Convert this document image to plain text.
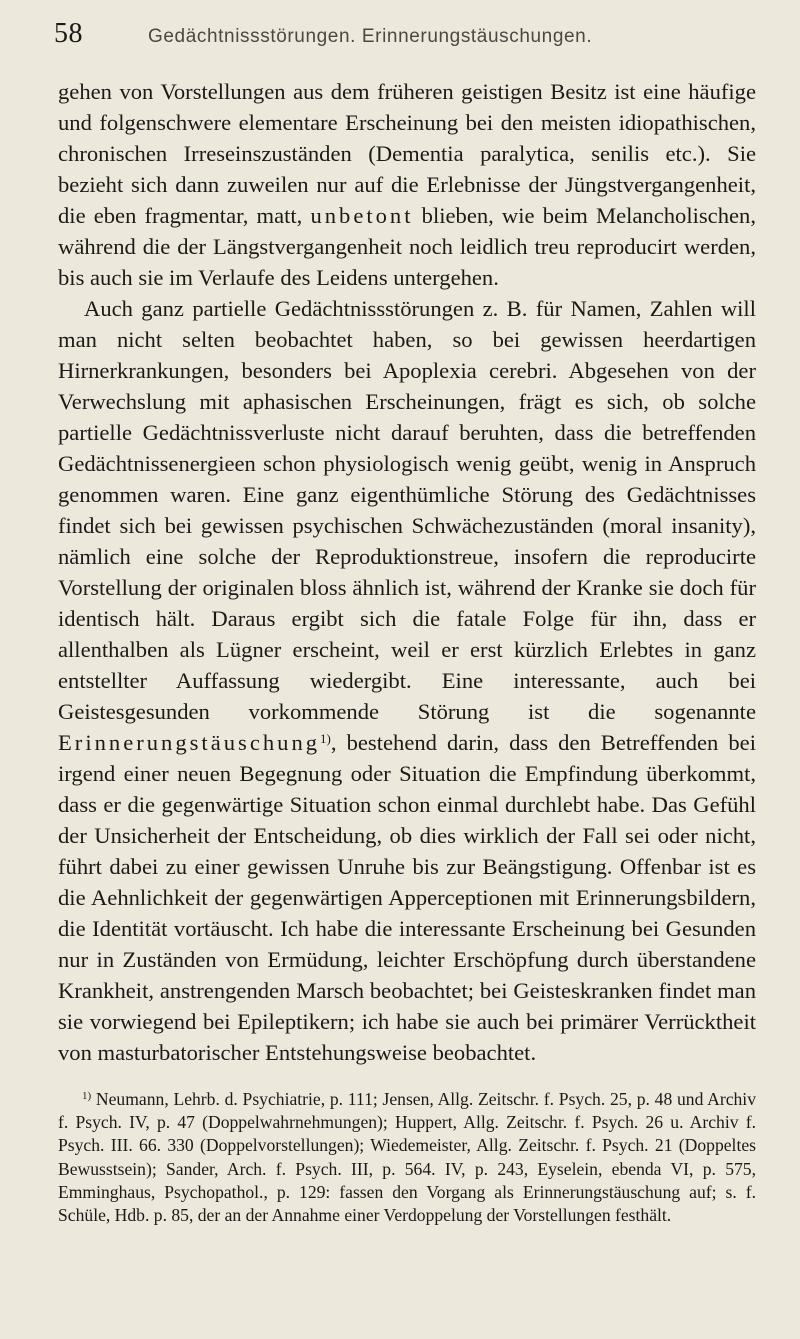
58	Gedächtnissstörungen. Erinnerungstäuschungen.

gehen von Vorstellungen aus dem früheren geistigen Besitz ist eine häufige und folgenschwere elementare Erscheinung bei den meisten idiopathischen, chronischen Irreseinszuständen (Dementia paralytica, senilis etc.). Sie bezieht sich dann zuweilen nur auf die Erlebnisse der Jüngstvergangenheit, die eben fragmentar, matt, unbetont blieben, wie beim Melancholischen, während die der Längstvergangenheit noch leidlich treu reproducirt werden, bis auch sie im Verlaufe des Leidens untergehen.

Auch ganz partielle Gedächtnissstörungen z. B. für Namen, Zahlen will man nicht selten beobachtet haben, so bei gewissen heerdartigen Hirnerkrankungen, besonders bei Apoplexia cerebri. Abgesehen von der Verwechslung mit aphasischen Erscheinungen, frägt es sich, ob solche partielle Gedächtnissverluste nicht darauf beruhten, dass die betreffenden Gedächtnissenergieen schon physiologisch wenig geübt, wenig in Anspruch genommen waren. Eine ganz eigenthümliche Störung des Gedächtnisses findet sich bei gewissen psychischen Schwächezuständen (moral insanity), nämlich eine solche der Reproduktionstreue, insofern die reproducirte Vorstellung der originalen bloss ähnlich ist, während der Kranke sie doch für identisch hält. Daraus ergibt sich die fatale Folge für ihn, dass er allenthalben als Lügner erscheint, weil er erst kürzlich Erlebtes in ganz entstellter Auffassung wiedergibt. Eine interessante, auch bei Geistesgesunden vorkommende Störung ist die sogenannte Erinnerungstäuschung$^{1)}$, bestehend darin, dass den Betreffenden bei irgend einer neuen Begegnung oder Situation die Empfindung überkommt, dass er die gegenwärtige Situation schon einmal durchlebt habe. Das Gefühl der Unsicherheit der Entscheidung, ob dies wirklich der Fall sei oder nicht, führt dabei zu einer gewissen Unruhe bis zur Beängstigung. Offenbar ist es die Aehnlichkeit der gegenwärtigen Apperceptionen mit Erinnerungsbildern, die Identität vortäuscht. Ich habe die interessante Erscheinung bei Gesunden nur in Zuständen von Ermüdung, leichter Erschöpfung durch überstandene Krankheit, anstrengenden Marsch beobachtet; bei Geisteskranken findet man sie vorwiegend bei Epileptikern; ich habe sie auch bei primärer Verrücktheit von masturbatorischer Entstehungsweise beobachtet.

$^{1)}$ Neumann, Lehrb. d. Psychiatrie, p. 111; Jensen, Allg. Zeitschr. f. Psych. 25, p. 48 und Archiv f. Psych. IV, p. 47 (Doppelwahrnehmungen); Huppert, Allg. Zeitschr. f. Psych. 26 u. Archiv f. Psych. III. 66. 330 (Doppelvorstellungen); Wiedemeister, Allg. Zeitschr. f. Psych. 21 (Doppeltes Bewusstsein); Sander, Arch. f. Psych. III, p. 564. IV, p. 243, Eyselein, ebenda VI, p. 575, Emminghaus, Psychopathol., p. 129: fassen den Vorgang als Erinnerungstäuschung auf; s. f. Schüle, Hdb. p. 85, der an der Annahme einer Verdoppelung der Vorstellungen festhält.
